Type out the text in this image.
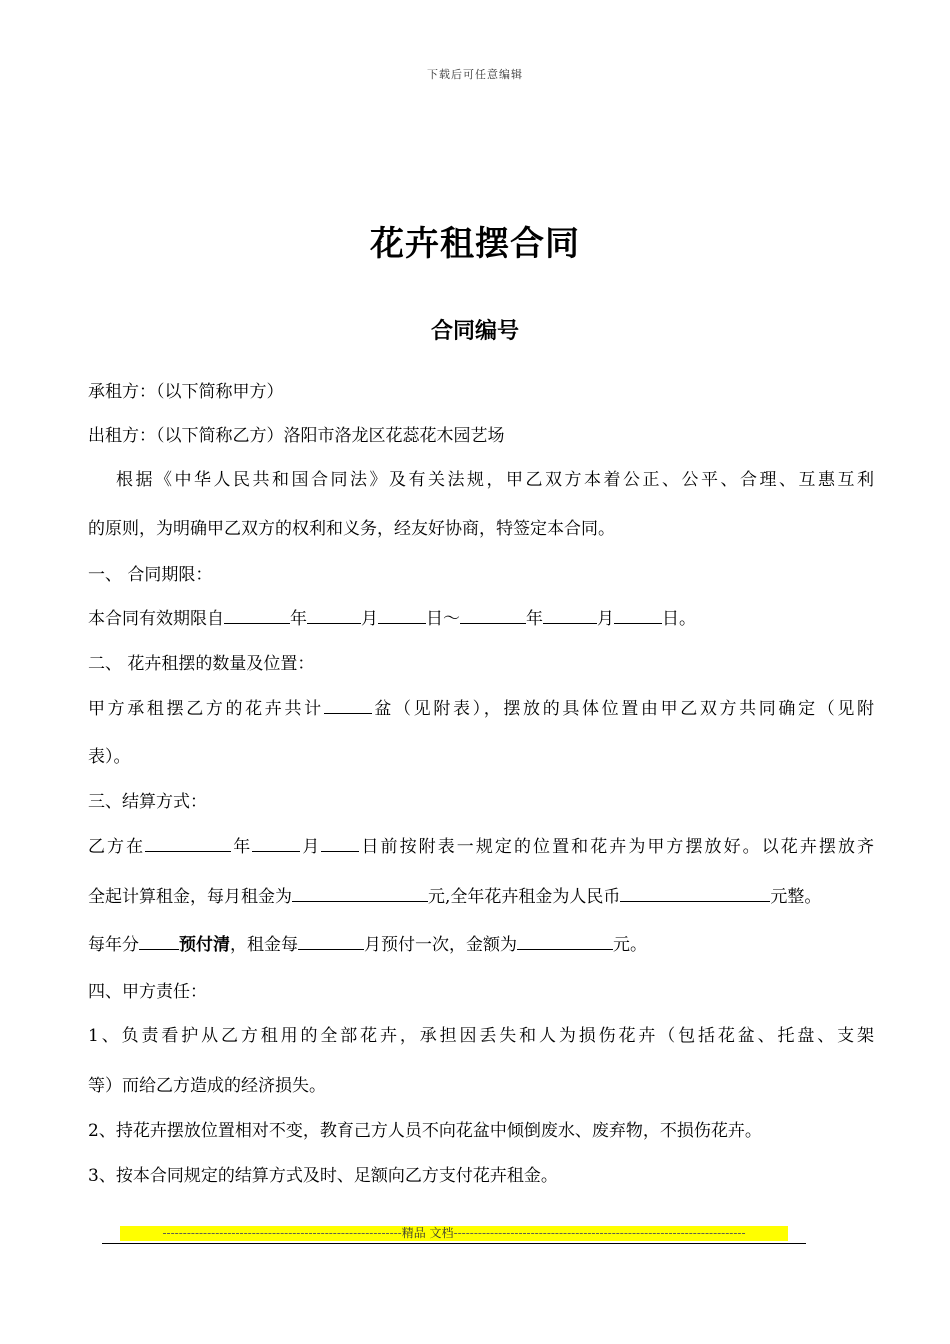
下载后可任意编辑
花卉租摆合同
合同编号
承租方：（以下简称甲方）
出租方：（以下简称乙方）洛阳市洛龙区花蕊花木园艺场
根据《中华人民共和国合同法》及有关法规，甲乙双方本着公正、公平、合理、互惠互利
的原则，为明确甲乙双方的权利和义务，经友好协商，特签定本合同。
一、 合同期限：
本合同有效期限自	年	月	日～	年	月	日。
二、 花卉租摆的数量及位置：
甲方承租摆乙方的花卉共计	盆（见附表），摆放的具体位置由甲乙双方共同确定（见附
表）。
三、结算方式：
乙方在	年	月 日前按附表一规定的位置和花卉为甲方摆放好。以花卉摆放齐
全起计算租金，每月租金为	元,全年花卉租金为人民币	元整。
每年分 预付清，租金每	月预付一次，金额为	元。
四、甲方责任：
1、负责看护从乙方租用的全部花卉，承担因丢失和人为损伤花卉（包括花盆、托盘、支架
等）而给乙方造成的经济损失。
2、持花卉摆放位置相对不变，教育己方人员不向花盆中倾倒废水、废弃物，不损伤花卉。
3、按本合同规定的结算方式及时、足额向乙方支付花卉租金。
-----------------------------------------------------------精品 文档------------------------------------------------------------------------
